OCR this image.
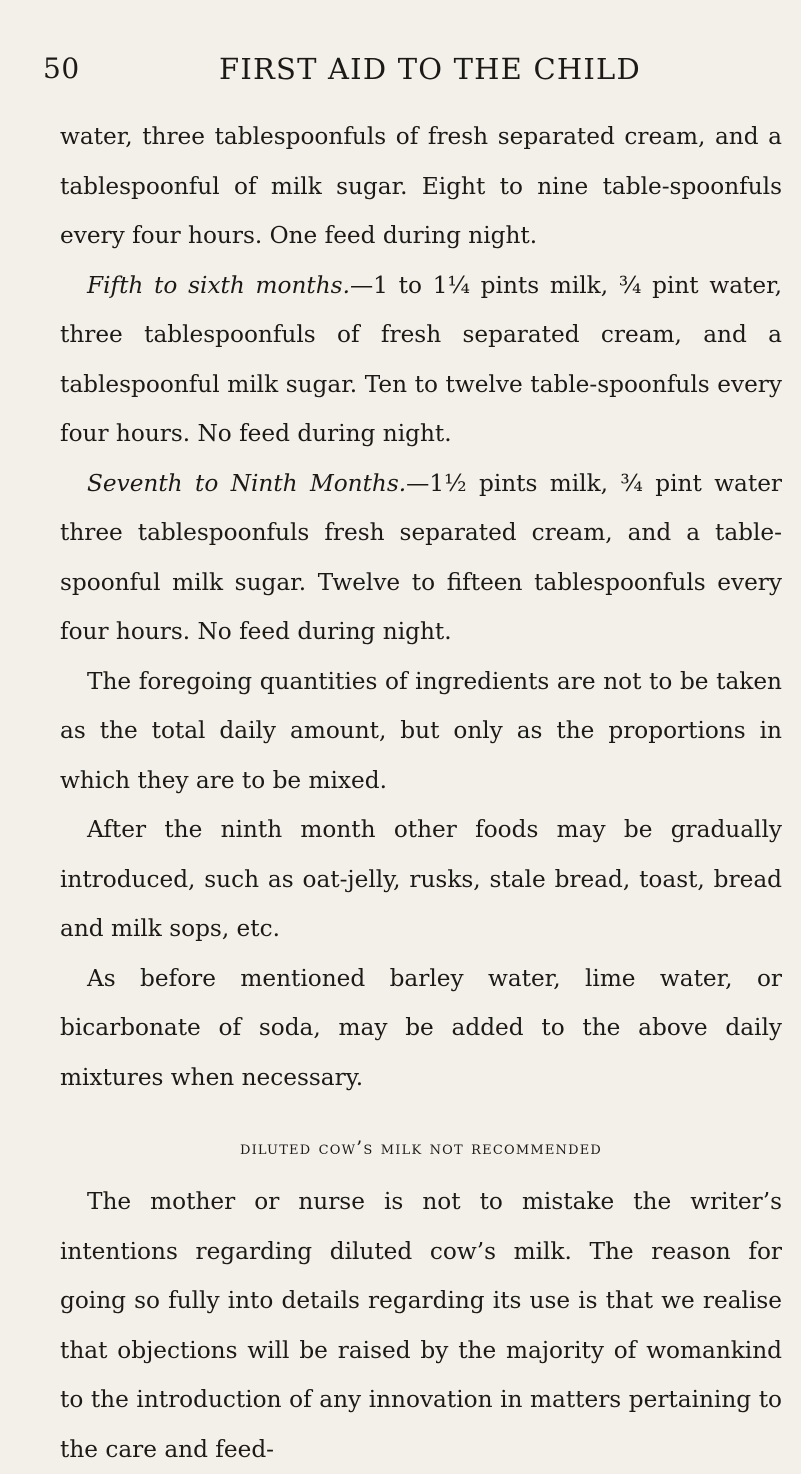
50	FIRST AID TO THE CHILD

water, three tablespoonfuls of fresh separated cream, and a tablespoonful of milk sugar. Eight to nine table-spoonfuls every four hours. One feed during night.

Fifth to sixth months.—1 to 1¼ pints milk, ¾ pint water, three tablespoonfuls of fresh separated cream, and a tablespoonful milk sugar. Ten to twelve table-spoonfuls every four hours. No feed during night.

Seventh to Ninth Months.—1½ pints milk, ¾ pint water three tablespoonfuls fresh separated cream, and a table-spoonful milk sugar. Twelve to fifteen tablespoonfuls every four hours. No feed during night.

The foregoing quantities of ingredients are not to be taken as the total daily amount, but only as the proportions in which they are to be mixed.

After the ninth month other foods may be gradually introduced, such as oat-jelly, rusks, stale bread, toast, bread and milk sops, etc.

As before mentioned barley water, lime water, or bicarbonate of soda, may be added to the above daily mixtures when necessary.

diluted cow’s milk not recommended

The mother or nurse is not to mistake the writer’s intentions regarding diluted cow’s milk. The reason for going so fully into details regarding its use is that we realise that objections will be raised by the majority of womankind to the introduction of any innovation in matters pertaining to the care and feed-
